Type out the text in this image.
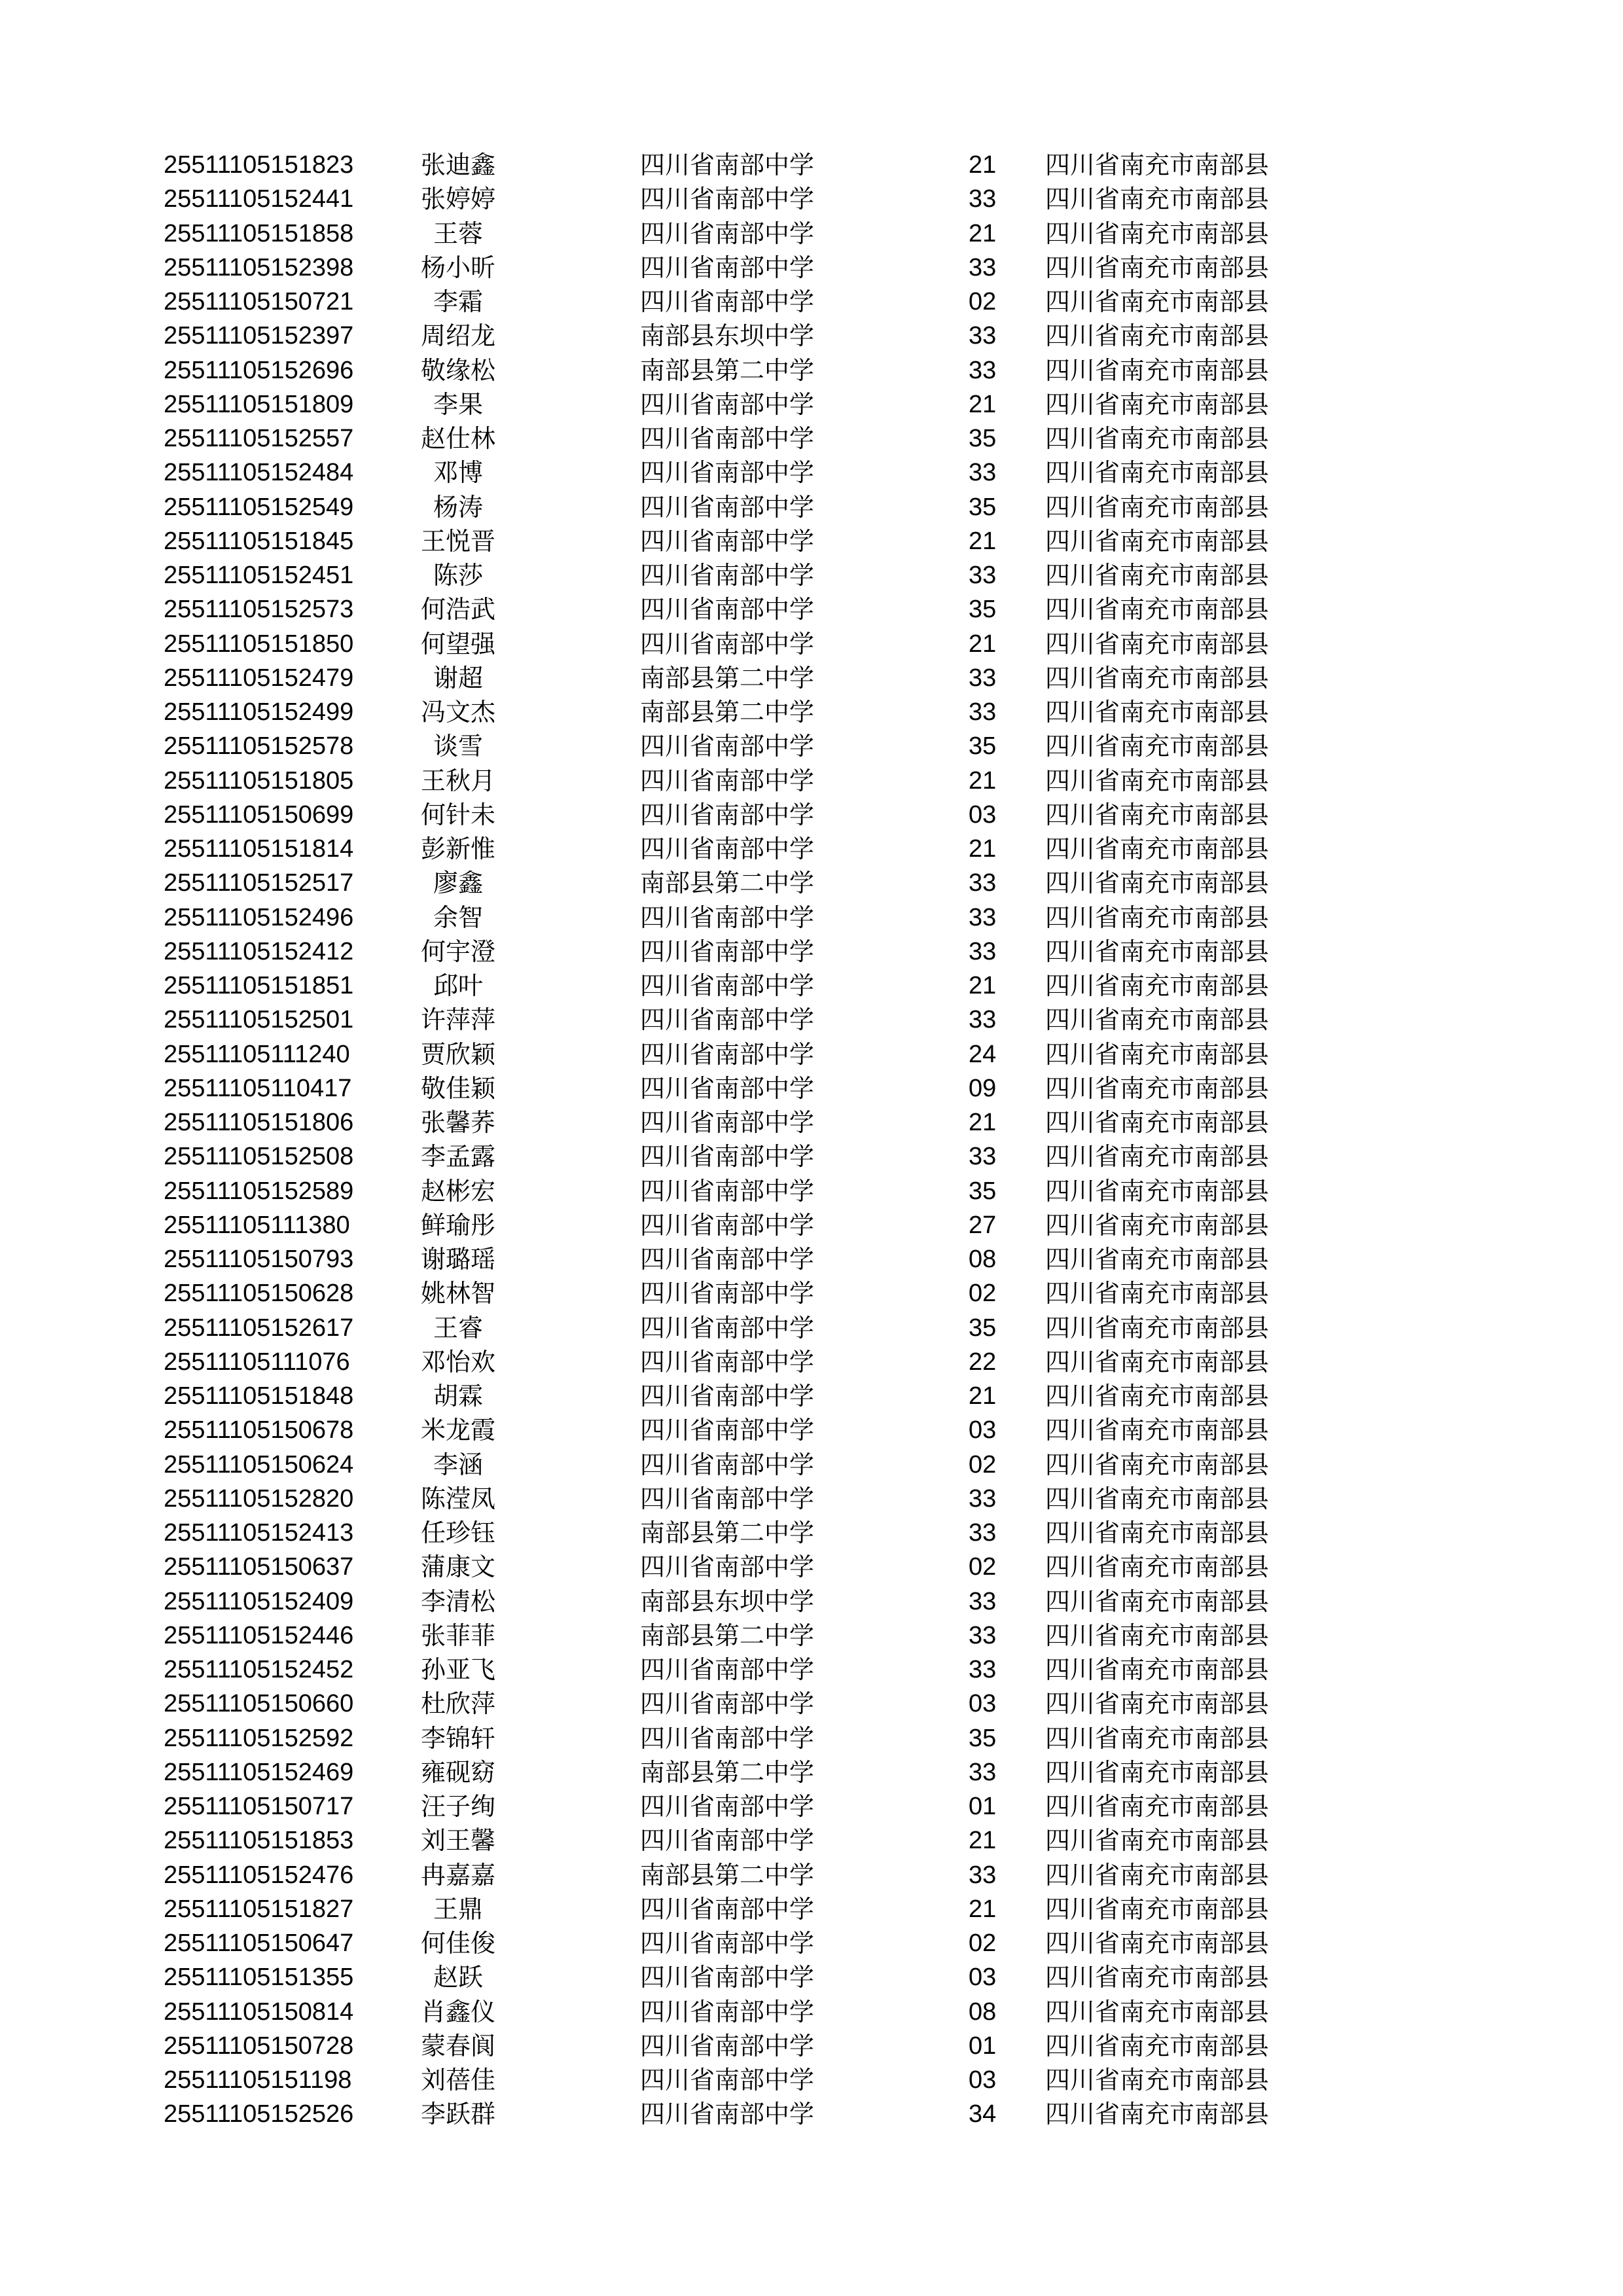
25511105151823	张迪鑫	四川省南部中学	21	四川省南充市南部县
25511105152441	张婷婷	四川省南部中学	33	四川省南充市南部县
25511105151858	王蓉	四川省南部中学	21	四川省南充市南部县
25511105152398	杨小昕	四川省南部中学	33	四川省南充市南部县
25511105150721	李霜	四川省南部中学	02	四川省南充市南部县
25511105152397	周绍龙	南部县东坝中学	33	四川省南充市南部县
25511105152696	敬缘松	南部县第二中学	33	四川省南充市南部县
25511105151809	李果	四川省南部中学	21	四川省南充市南部县
25511105152557	赵仕林	四川省南部中学	35	四川省南充市南部县
25511105152484	邓博	四川省南部中学	33	四川省南充市南部县
25511105152549	杨涛	四川省南部中学	35	四川省南充市南部县
25511105151845	王悦晋	四川省南部中学	21	四川省南充市南部县
25511105152451	陈莎	四川省南部中学	33	四川省南充市南部县
25511105152573	何浩武	四川省南部中学	35	四川省南充市南部县
25511105151850	何望强	四川省南部中学	21	四川省南充市南部县
25511105152479	谢超	南部县第二中学	33	四川省南充市南部县
25511105152499	冯文杰	南部县第二中学	33	四川省南充市南部县
25511105152578	谈雪	四川省南部中学	35	四川省南充市南部县
25511105151805	王秋月	四川省南部中学	21	四川省南充市南部县
25511105150699	何针未	四川省南部中学	03	四川省南充市南部县
25511105151814	彭新惟	四川省南部中学	21	四川省南充市南部县
25511105152517	廖鑫	南部县第二中学	33	四川省南充市南部县
25511105152496	余智	四川省南部中学	33	四川省南充市南部县
25511105152412	何宇澄	四川省南部中学	33	四川省南充市南部县
25511105151851	邱叶	四川省南部中学	21	四川省南充市南部县
25511105152501	许萍萍	四川省南部中学	33	四川省南充市南部县
25511105111240	贾欣颖	四川省南部中学	24	四川省南充市南部县
25511105110417	敬佳颖	四川省南部中学	09	四川省南充市南部县
25511105151806	张馨荞	四川省南部中学	21	四川省南充市南部县
25511105152508	李孟露	四川省南部中学	33	四川省南充市南部县
25511105152589	赵彬宏	四川省南部中学	35	四川省南充市南部县
25511105111380	鲜瑜彤	四川省南部中学	27	四川省南充市南部县
25511105150793	谢璐瑶	四川省南部中学	08	四川省南充市南部县
25511105150628	姚林智	四川省南部中学	02	四川省南充市南部县
25511105152617	王睿	四川省南部中学	35	四川省南充市南部县
25511105111076	邓怡欢	四川省南部中学	22	四川省南充市南部县
25511105151848	胡霖	四川省南部中学	21	四川省南充市南部县
25511105150678	米龙霞	四川省南部中学	03	四川省南充市南部县
25511105150624	李涵	四川省南部中学	02	四川省南充市南部县
25511105152820	陈滢凤	四川省南部中学	33	四川省南充市南部县
25511105152413	任珍钰	南部县第二中学	33	四川省南充市南部县
25511105150637	蒲康文	四川省南部中学	02	四川省南充市南部县
25511105152409	李清松	南部县东坝中学	33	四川省南充市南部县
25511105152446	张菲菲	南部县第二中学	33	四川省南充市南部县
25511105152452	孙亚飞	四川省南部中学	33	四川省南充市南部县
25511105150660	杜欣萍	四川省南部中学	03	四川省南充市南部县
25511105152592	李锦轩	四川省南部中学	35	四川省南充市南部县
25511105152469	雍砚窈	南部县第二中学	33	四川省南充市南部县
25511105150717	汪子绚	四川省南部中学	01	四川省南充市南部县
25511105151853	刘王馨	四川省南部中学	21	四川省南充市南部县
25511105152476	冉嘉嘉	南部县第二中学	33	四川省南充市南部县
25511105151827	王鼎	四川省南部中学	21	四川省南充市南部县
25511105150647	何佳俊	四川省南部中学	02	四川省南充市南部县
25511105151355	赵跃	四川省南部中学	03	四川省南充市南部县
25511105150814	肖鑫仪	四川省南部中学	08	四川省南充市南部县
25511105150728	蒙春阆	四川省南部中学	01	四川省南充市南部县
25511105151198	刘蓓佳	四川省南部中学	03	四川省南充市南部县
25511105152526	李跃群	四川省南部中学	34	四川省南充市南部县
